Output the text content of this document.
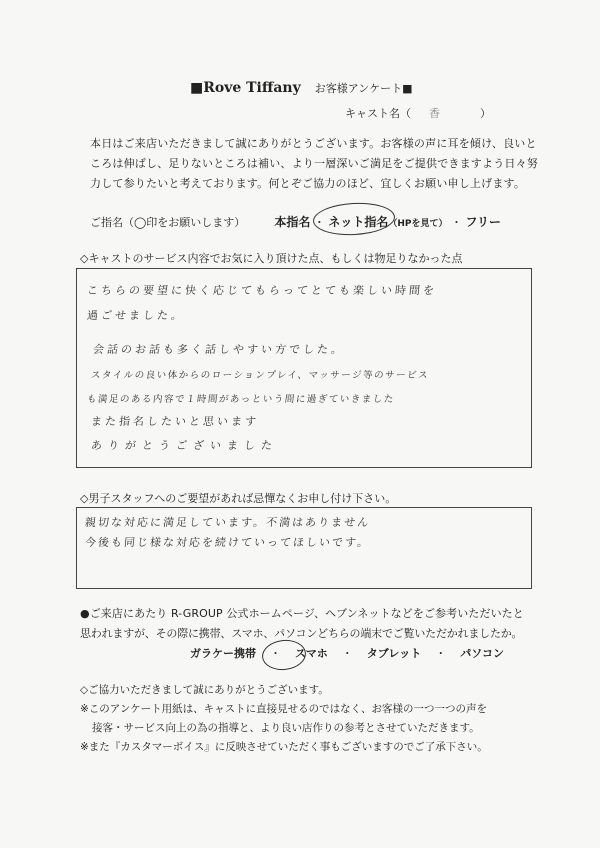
■Rove Tiffany お客様アンケート■
キャスト名（ 香	）
本日はご来店いただきまして誠にありがとうございます。お客様の声に耳を傾け、良いと
ころは伸ばし、足りないところは補い、より一層深いご満足をご提供できますよう日々努
力して参りたいと考えております。何とぞご協力のほど、宜しくお願い申し上げます。
ご指名（◯印をお願いします） 本指名 ・ ネット指名（HPを見て） ・ フリー
◇キャストのサービス内容でお気に入り頂けた点、もしくは物足りなかった点
こちらの要望に快く応じてもらってとても楽しい時間を
過ごせました。
会話のお話も多く話しやすい方でした。
スタイルの良い体からのローションプレイ、マッサージ等のサービス
も満足のある内容で１時間があっという間に過ぎていきました
また指名したいと思います
ありがとうございました
◇男子スタッフへのご要望があれば忌憚なくお申し付け下さい。
親切な対応に満足しています。不満はありません
今後も同じ様な対応を続けていってほしいです。
●ご来店にあたり R-GROUP 公式ホームページ、ヘブンネットなどをご参考いただいたと
思われますが、その際に携帯、スマホ、パソコンどちらの端末でご覧いただかれましたか。
ガラケー携帯 ・ スマホ ・ タブレット ・ パソコン
◇ご協力いただきまして誠にありがとうございます。
※このアンケート用紙は、キャストに直接見せるのではなく、お客様の一つ一つの声を
接客・サービス向上の為の指導と、より良い店作りの参考とさせていただきます。
※また『カスタマーボイス』に反映させていただく事もございますのでご了承下さい。
